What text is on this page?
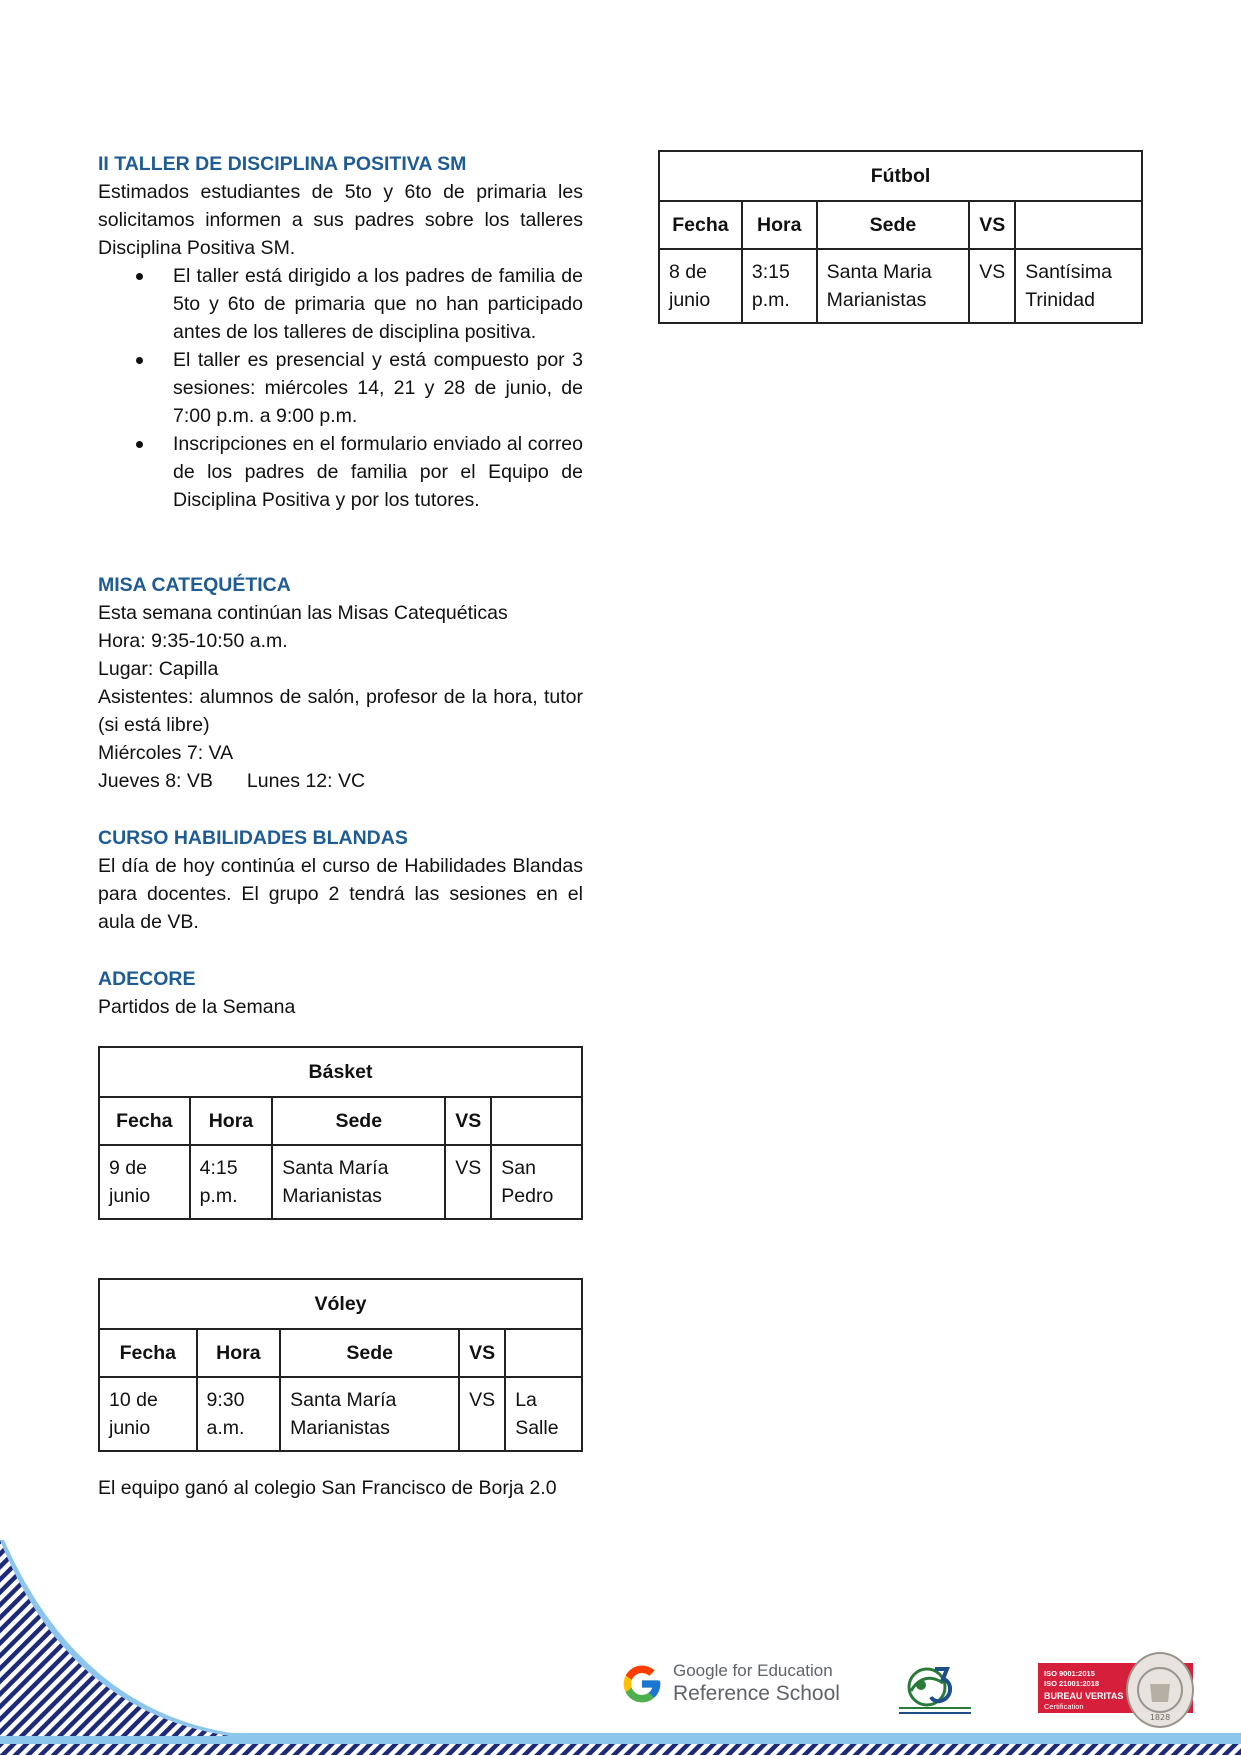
II TALLER DE DISCIPLINA POSITIVA SM

Estimados estudiantes de 5to y 6to de primaria les solicitamos informen a sus padres sobre los talleres Disciplina Positiva SM.

El taller está dirigido a los padres de familia de 5to y 6to de primaria que no han participado antes de los talleres de disciplina positiva.
El taller es presencial y está compuesto por 3 sesiones: miércoles 14, 21 y 28 de junio, de 7:00 p.m. a 9:00 p.m.
Inscripciones en el formulario enviado al correo de los padres de familia por el Equipo de Disciplina Positiva y por los tutores.

MISA CATEQUÉTICA

Esta semana continúan las Misas Catequéticas

Hora: 9:35-10:50 a.m.

Lugar: Capilla

Asistentes: alumnos de salón, profesor de la hora, tutor (si está libre)

Miércoles 7: VA

Jueves 8: VB Lunes 12: VC

CURSO HABILIDADES BLANDAS

El día de hoy continúa el curso de Habilidades Blandas para docentes. El grupo 2 tendrá las sesiones en el aula de VB.

ADECORE

Partidos de la Semana

Básket				
Fecha	Hora	Sede	VS	
9 de junio	4:15 p.m.	Santa María Marianistas	VS	San Pedro
Vóley				
Fecha	Hora	Sede	VS	
10 de junio	9:30 a.m.	Santa María Marianistas	VS	La Salle

El equipo ganó al colegio San Francisco de Borja 2.0

Fútbol				
Fecha	Hora	Sede	VS	
8 de junio	3:15 p.m.	Santa Maria Marianistas	VS	Santísima Trinidad
Google for Education
Reference School
ISO 9001:2015
ISO 21001:2018
BUREAU VERITAS
Certification
1828
